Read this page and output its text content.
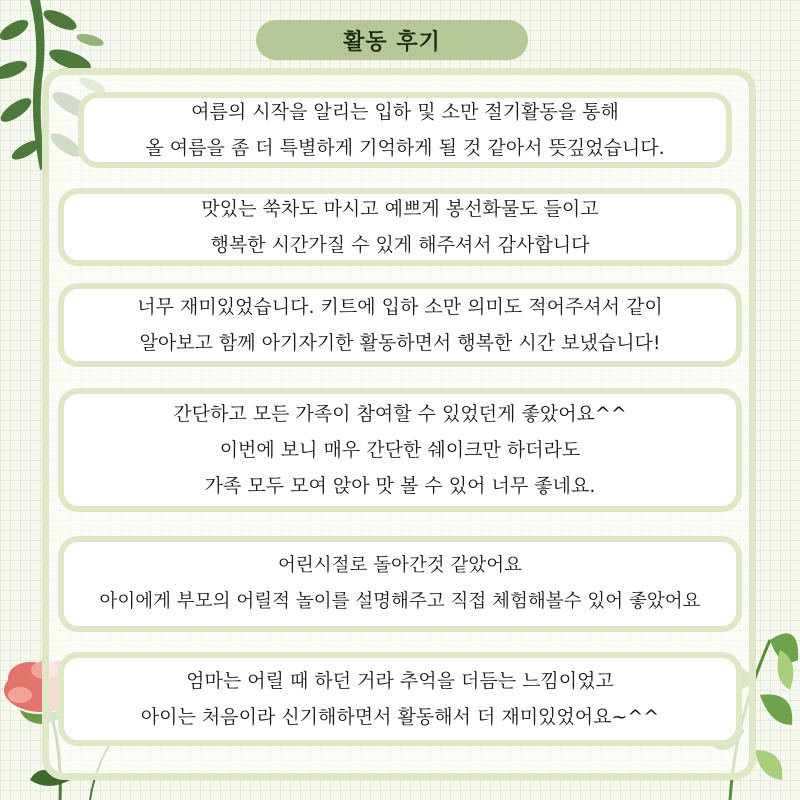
활동 후기
여름의 시작을 알리는 입하 및 소만 절기활동을 통해
올 여름을 좀 더 특별하게 기억하게 될 것 같아서 뜻깊었습니다.
맛있는 쑥차도 마시고 예쁘게 봉선화물도 들이고
행복한 시간가질 수 있게 해주셔서 감사합니다
너무 재미있었습니다. 키트에 입하 소만 의미도 적어주셔서 같이
알아보고 함께 아기자기한 활동하면서 행복한 시간 보냈습니다!
간단하고 모든 가족이 참여할 수 있었던게 좋았어요^^
이번에 보니 매우 간단한 쉐이크만 하더라도
가족 모두 모여 앉아 맛 볼 수 있어 너무 좋네요.
어린시절로 돌아간것 같았어요
아이에게 부모의 어릴적 놀이를 설명해주고 직접 체험해볼수 있어 좋았어요
엄마는 어릴 때 하던 거라 추억을 더듬는 느낌이었고
아이는 처음이라 신기해하면서 활동해서 더 재미있었어요~^^
